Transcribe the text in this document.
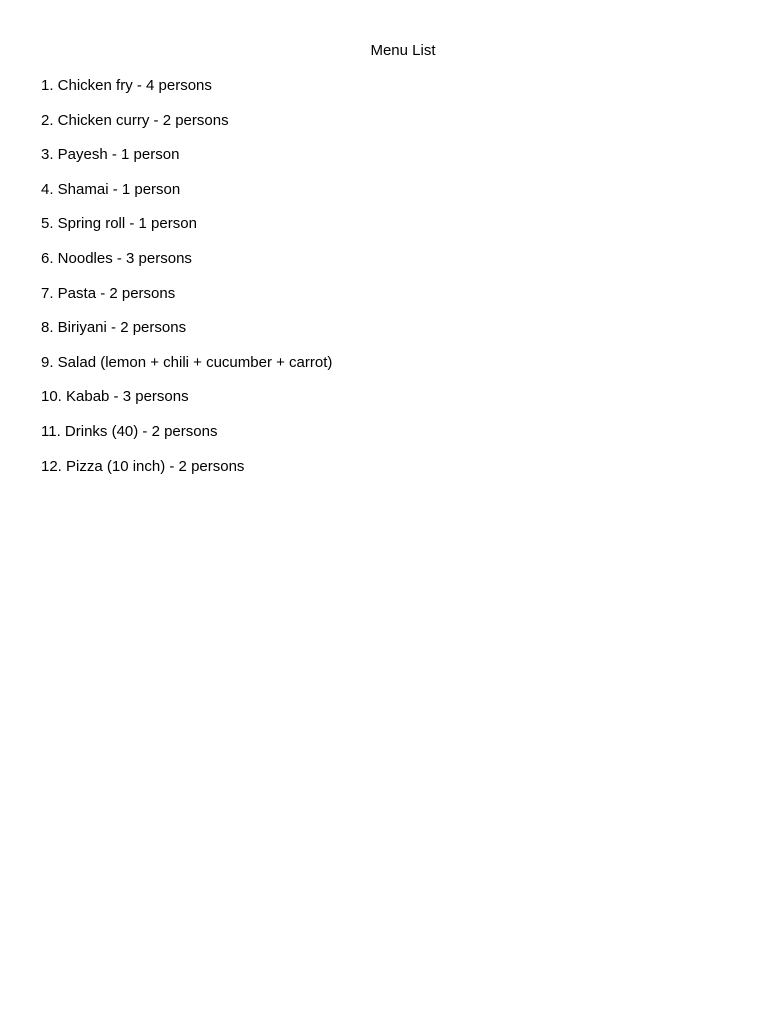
Menu List
1. Chicken fry - 4 persons
2. Chicken curry - 2 persons
3. Payesh - 1 person
4. Shamai - 1 person
5. Spring roll - 1 person
6. Noodles - 3 persons
7. Pasta - 2 persons
8. Biriyani - 2 persons
9. Salad (lemon + chili + cucumber + carrot)
10. Kabab - 3 persons
11. Drinks (40) - 2 persons
12. Pizza (10 inch) - 2 persons
